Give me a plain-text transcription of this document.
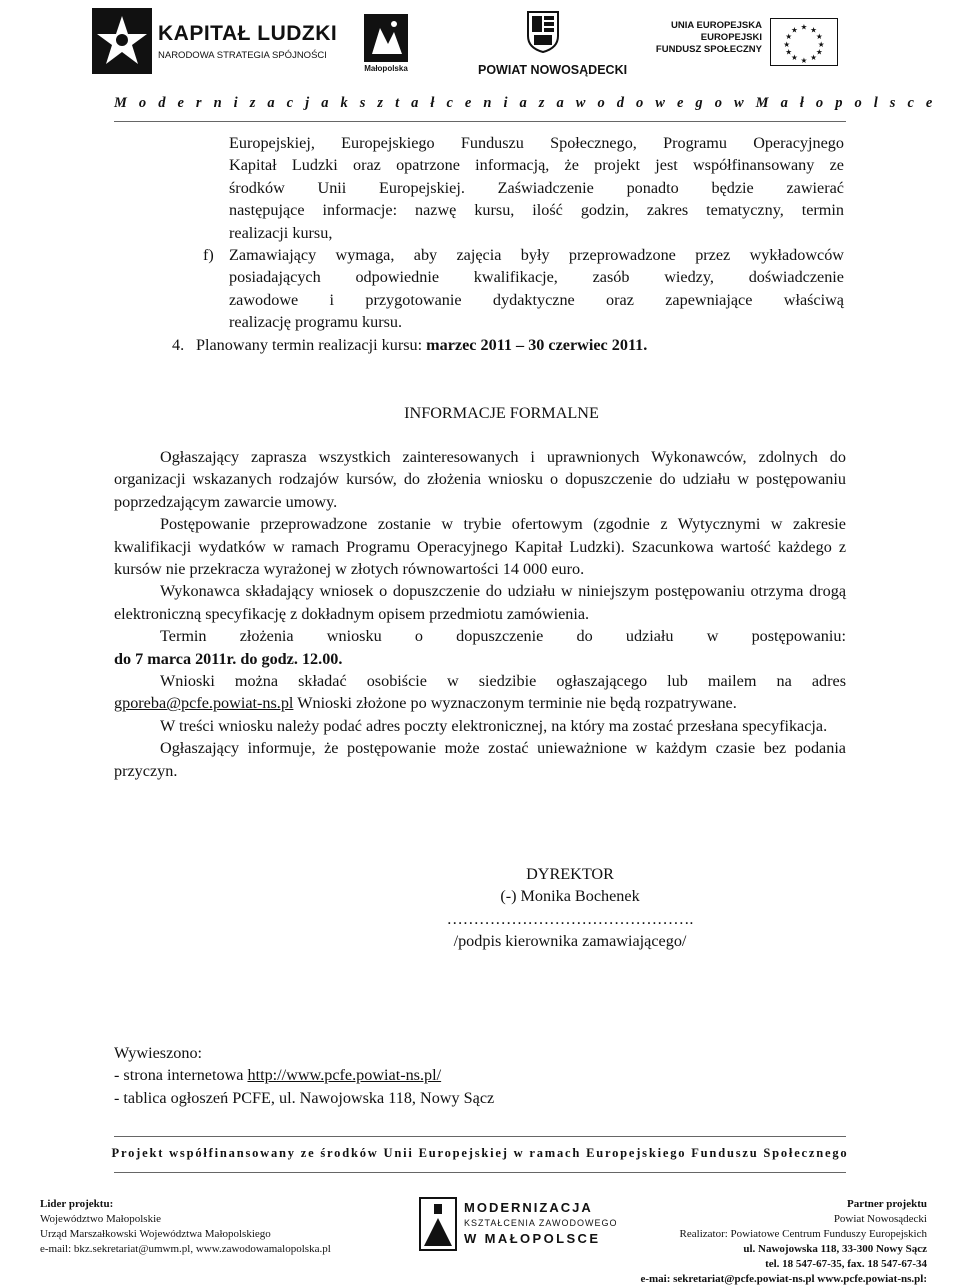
KAPITAŁ LUDZKI
NARODOWA STRATEGIA SPÓJNOŚCI
Małopolska	POWIAT NOWOSĄDECKI
UNIA EUROPEJSKA
EUROPEJSKI
FUNDUSZ SPOŁECZNY
★ ★
★
★
★
★
★
★
★
★
★
★
M o d e r n i z a c j a k s z t a ł c e n i a z a w o d o w e g o w M a ł o p o l s c e

Europejskiej, Europejskiego Funduszu Społecznego, Programu Operacyjnego

Kapitał Ludzki oraz opatrzone informacją, że projekt jest współfinansowany ze

środków Unii Europejskiej. Zaświadczenie ponadto będzie zawierać

następujące informacje: nazwę kursu, ilość godzin, zakres tematyczny, termin

realizacji kursu,

f) Zamawiający wymaga, aby zajęcia były przeprowadzone przez wykładowców

posiadających odpowiednie kwalifikacje, zasób wiedzy, doświadczenie

zawodowe i przygotowanie dydaktyczne oraz zapewniające właściwą

realizację programu kursu.

4. Planowany termin realizacji kursu: marzec 2011 – 30 czerwiec 2011.
INFORMACJE FORMALNE

Ogłaszający zaprasza wszystkich zainteresowanych i uprawnionych Wykonawców, zdolnych do organizacji wskazanych rodzajów kursów, do złożenia wniosku o dopuszczenie do udziału w postępowaniu poprzedzającym zawarcie umowy.

Postępowanie przeprowadzone zostanie w trybie ofertowym (zgodnie z Wytycznymi w zakresie kwalifikacji wydatków w ramach Programu Operacyjnego Kapitał Ludzki). Szacunkowa wartość każdego z kursów nie przekracza wyrażonej w złotych równowartości 14 000 euro.

Wykonawca składający wniosek o dopuszczenie do udziału w niniejszym postępowaniu otrzyma drogą elektroniczną specyfikację z dokładnym opisem przedmiotu zamówienia.

Termin złożenia wniosku o dopuszczenie do udziału w postępowaniu:

do 7 marca 2011r. do godz. 12.00.

Wnioski można składać osobiście w siedzibie ogłaszającego lub mailem na adres

gporeba@pcfe.powiat-ns.pl Wnioski złożone po wyznaczonym terminie nie będą rozpatrywane.

W treści wniosku należy podać adres poczty elektronicznej, na który ma zostać przesłana specyfikacja.

Ogłaszający informuje, że postępowanie może zostać unieważnione w każdym czasie bez podania przyczyn.

DYREKTOR

(-) Monika Bochenek

……………………………………….

/podpis kierownika zamawiającego/

Wywieszono:

- strona internetowa http://www.pcfe.powiat-ns.pl/

- tablica ogłoszeń PCFE, ul. Nawojowska 118, Nowy Sącz

Projekt współfinansowany ze środków Unii Europejskiej w ramach Europejskiego Funduszu Społecznego
Lider projektu:
Województwo Małopolskie
Urząd Marszałkowski Województwa Małopolskiego
e-mail: bkz.sekretariat@umwm.pl, www.zawodowamalopolska.pl
MODERNIZACJA
KSZTAŁCENIA ZAWODOWEGO
W MAŁOPOLSCE
Partner projektu
Powiat Nowosądecki
Realizator: Powiatowe Centrum Funduszy Europejskich
ul. Nawojowska 118, 33-300 Nowy Sącz
tel. 18 547-67-35, fax. 18 547-67-34
e-mai: sekretariat@pcfe.powiat-ns.pl www.pcfe.powiat-ns.pl:
